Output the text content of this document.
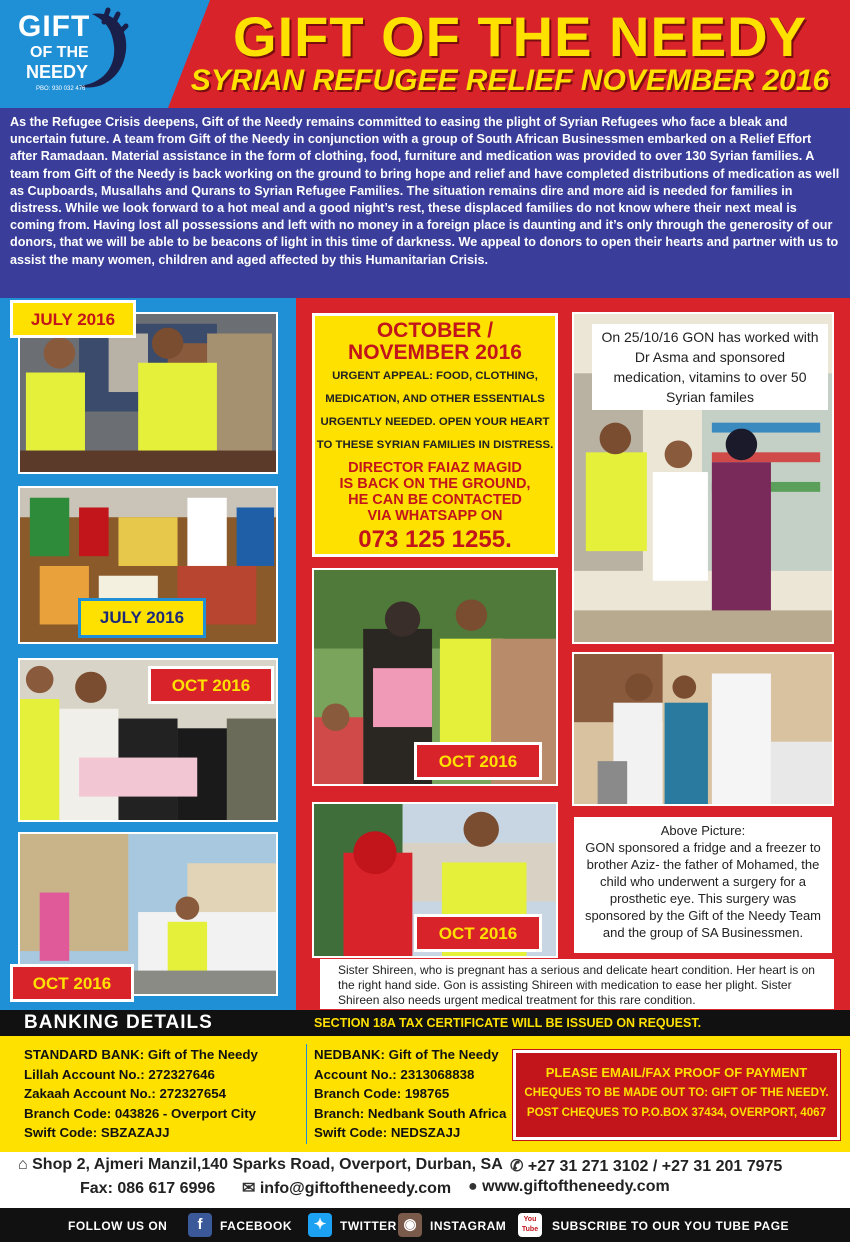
GIFT
OF THE
NEEDY
PBO: 930 032 476
GIFT OF THE NEEDY
SYRIAN REFUGEE RELIEF NOVEMBER 2016

As the Refugee Crisis deepens, Gift of the Needy remains committed to easing the plight of Syrian Refugees who face a bleak and uncertain future. A team from Gift of the Needy in conjunction with a group of South African Businessmen embarked on a Relief Effort after Ramadaan. Material assistance in the form of clothing, food, furniture and medication was provided to over 130 Syrian families. A team from Gift of the Needy is back working on the ground to bring hope and relief and have completed distributions of medication as well as Cupboards, Musallahs and Qurans to Syrian Refugee Families. The situation remains dire and more aid is needed for families in distress. While we look forward to a hot meal and a good night’s rest, these displaced families do not know where their next meal is coming from. Having lost all possessions and left with no money in a foreign place is daunting and it’s only through the generosity of our donors, that we will be able to be beacons of light in this time of darkness. We appeal to donors to open their hearts and partner with us to assist the many women, children and aged affected by this Humanitarian Crisis.

JULY 2016
JULY 2016
OCT 2016
OCT 2016
OCTOBER /
NOVEMBER 2016
URGENT APPEAL: FOOD, CLOTHING,
MEDICATION, AND OTHER ESSENTIALS
URGENTLY NEEDED. OPEN YOUR HEART
TO THESE SYRIAN FAMILIES IN DISTRESS.
DIRECTOR FAIAZ MAGID
IS BACK ON THE GROUND,
HE CAN BE CONTACTED
VIA WHATSAPP ON
073 125 1255.
OCT 2016
OCT 2016
On 25/10/16 GON has worked with Dr Asma and sponsored medication, vitamins to over 50 Syrian familes
Above Picture:
GON sponsored a fridge and a freezer to brother Aziz- the father of Mohamed, the child who underwent a surgery for a prosthetic eye. This surgery was sponsored by the Gift of the Needy Team and the group of SA Businessmen.
Sister Shireen, who is pregnant has a serious and delicate heart condition. Her heart is on the right hand side. Gon is assisting Shireen with medication to ease her plight. Sister Shireen also needs urgent medical treatment for this rare condition.
BANKING DETAILS	SECTION 18A TAX CERTIFICATE WILL BE ISSUED ON REQUEST.
STANDARD BANK: Gift of The Needy
Lillah Account No.: 272327646
Zakaah Account No.: 272327654
Branch Code: 043826 - Overport City
Swift Code: SBZAZAJJ
NEDBANK: Gift of The Needy
Account No.: 2313068838
Branch Code: 198765
Branch: Nedbank South Africa
Swift Code: NEDSZAJJ
PLEASE EMAIL/FAX PROOF OF PAYMENT
CHEQUES TO BE MADE OUT TO: GIFT OF THE NEEDY.
POST CHEQUES TO P.O.BOX 37434, OVERPORT, 4067
⌂ Shop 2, Ajmeri Manzil,140 Sparks Road, Overport, Durban, SA ✆ +27 31 271 3102 / +27 31 201 7975
Fax: 086 617 6996 ✉ info@giftoftheneedy.com ● www.giftoftheneedy.com
FOLLOW US ON	f	FACEBOOK	✦	TWITTER ◉	INSTAGRAM	You Tube	SUBSCRIBE TO OUR YOU TUBE PAGE
